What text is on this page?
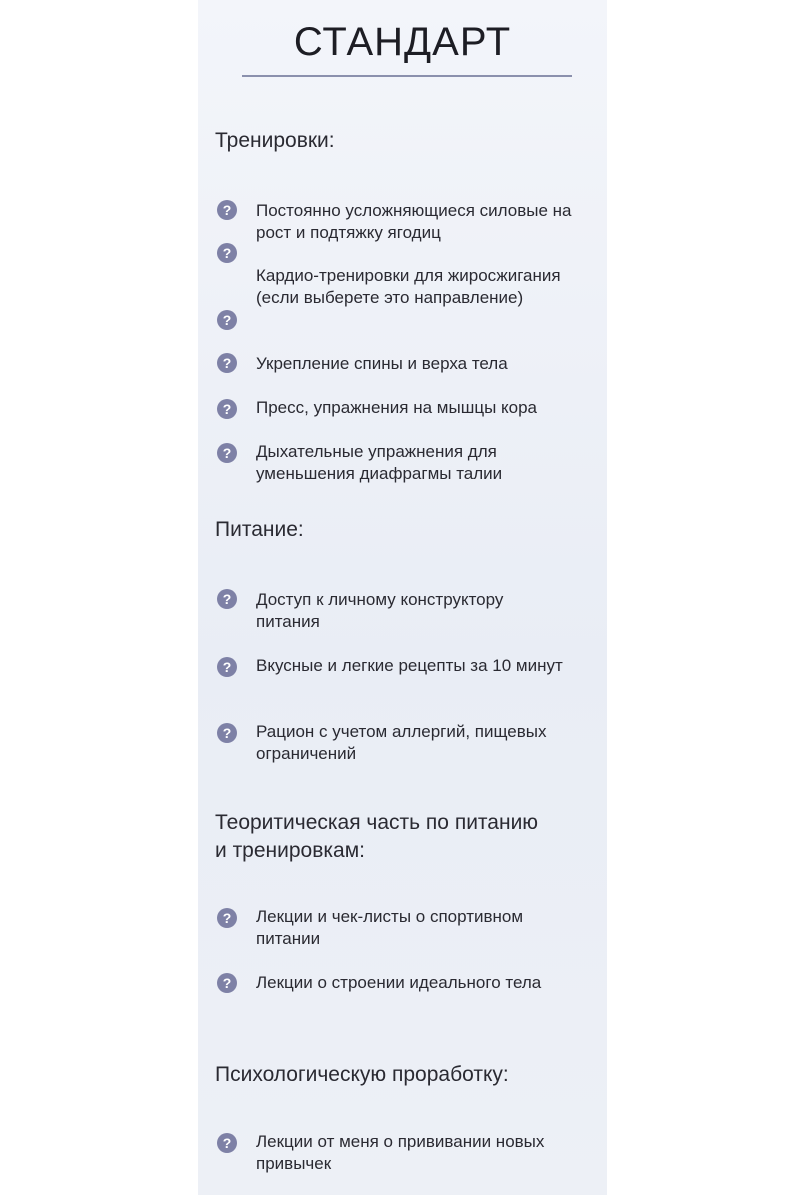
СТАНДАРТ
Тренировки:
?	Постоянно усложняющиеся силовые на рост и подтяжку ягодиц
?
?
Кардио-тренировки для жиросжигания (если выберете это направление)
?	Укрепление спины и верха тела
?	Пресс, упражнения на мышцы кора
?	Дыхательные упражнения для уменьшения диафрагмы талии
Питание:
?	Доступ к личному конструктору питания
?	Вкусные и легкие рецепты за 10 минут
?	Рацион с учетом аллергий, пищевых ограничений
Теоритическая часть по питанию и тренировкам:
?	Лекции и чек-листы о спортивном питании
?	Лекции о строении идеального тела
Психологическую проработку:
?	Лекции от меня о прививании новых привычек
